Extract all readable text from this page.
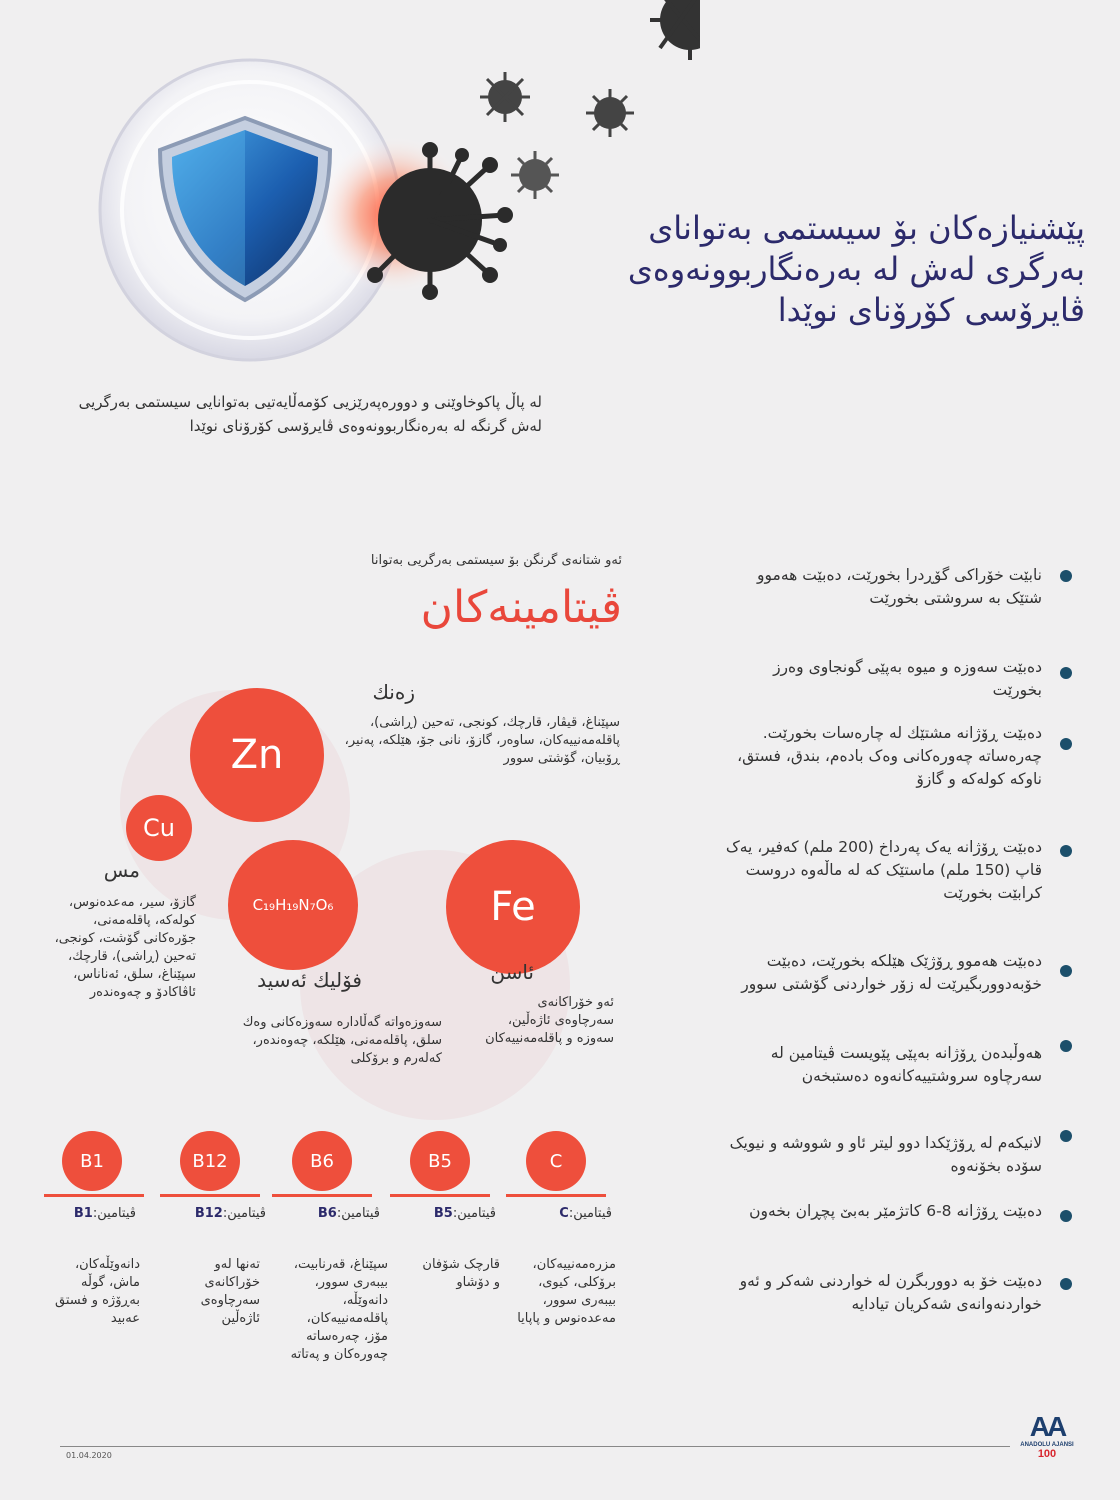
پێشنیازەکان بۆ سیستمی بەتوانای بەرگری لەش لە بەرەنگاربوونەوەی ڤایرۆسی کۆرۆنای نوێدا
لە پاڵ پاکوخاوێنی و دوورەپەرێزیی کۆمەڵایەتیی بەتوانایی سیستمی بەرگریی لەش گرنگە لە بەرەنگاربوونەوەی ڤایرۆسی کۆرۆنای نوێدا
ئەو شتانەی گرنگن بۆ سیستمی بەرگریی بەتوانا
ڤیتامینەکان
Zn
زەنك
سپێناغ، قیڤار، قارچك، کونجی، تەحین (ڕاشی)، پاقلەمەنییەکان، ساوەر، گازۆ، نانی جۆ، هێلکە، پەنیر، ڕۆبیان، گۆشتی سوور
Cu
مس
گازۆ، سیر، مەعدەنوس، کولەکە، پاقلەمەنی، جۆرەکانی گۆشت، کونجی، تەحین (ڕاشی)، قارچك، سپێناغ، سلق، ئەناناس، ئاڤاکادۆ و چەوەندەر
C₁₉H₁₉N₇O₆
فۆلیك ئەسید
سەوزەواتە گەڵادارە سەوزەکانی وەك سلق، پاقلەمەنی، هێلکە، چەوەندەر، کەلەرم و برۆکلی
Fe
ئاسن
ئەو خۆراکانەی سەرچاوەی ئاژەڵین، سەوزە و پاقلەمەنییەکان
C
ڤیتامین:C
مزرەمەنییەکان، برۆکلی، کیوی، بیبەری سوور، مەعدەنوس و پاپایا
B5
ڤیتامین:B5
قارچک شۆفان و دۆشاو
B6
ڤیتامین:B6
سپێناغ، قەرنابیت، بیبەری سوور، دانەوێڵە، پاقلەمەنییەکان، مۆز، چەرەساتە چەورەکان و پەتاتە
B12
ڤیتامین:B12
تەنها لەو خۆراکانەی سەرچاوەی ئاژەڵین
B1
ڤیتامین:B1
دانەوێڵەکان، ماش، گوڵە بەڕۆژە و فستق عەبید
نابێت خۆراکی گۆڕدرا بخورێت، دەبێت هەموو شتێک بە سروشتی بخورێت
دەبێت سەوزە و میوە بەپێی گونجاوی وەرز بخورێت
دەبێت ڕۆژانە مشتێك لە چارەسات بخورێت. چەرەساتە چەورەکانی وەک بادەم، بندق، فستق، ناوکە کولەکە و گازۆ
دەبێت ڕۆژانە یەک پەرداخ (200 ملم) کەفیر، یەک قاپ (150 ملم) ماستێک کە لە ماڵەوە دروست کرابێت بخورێت
دەبێت هەموو ڕۆژێک هێلکە بخورێت، دەبێت خۆبەدووربگیرێت لە زۆر خواردنی گۆشتی سوور
هەوڵبدەن ڕۆژانە بەپێی پێویست ڤیتامین لە سەرچاوە سروشتییەکانەوە دەستبخەن
لانیکەم لە ڕۆژێکدا دوو لیتر ئاو و شووشە و نیویک سۆدە بخۆنەوە
دەبێت ڕۆژانە 8-6 کاتژمێر بەبێ پچڕان بخەون
دەبێت خۆ بە دووربگرن لە خواردنی شەکر و ئەو خواردنەوانەی شەکریان تیادایە
01.04.2020
AA
ANADOLU AJANSI
100
